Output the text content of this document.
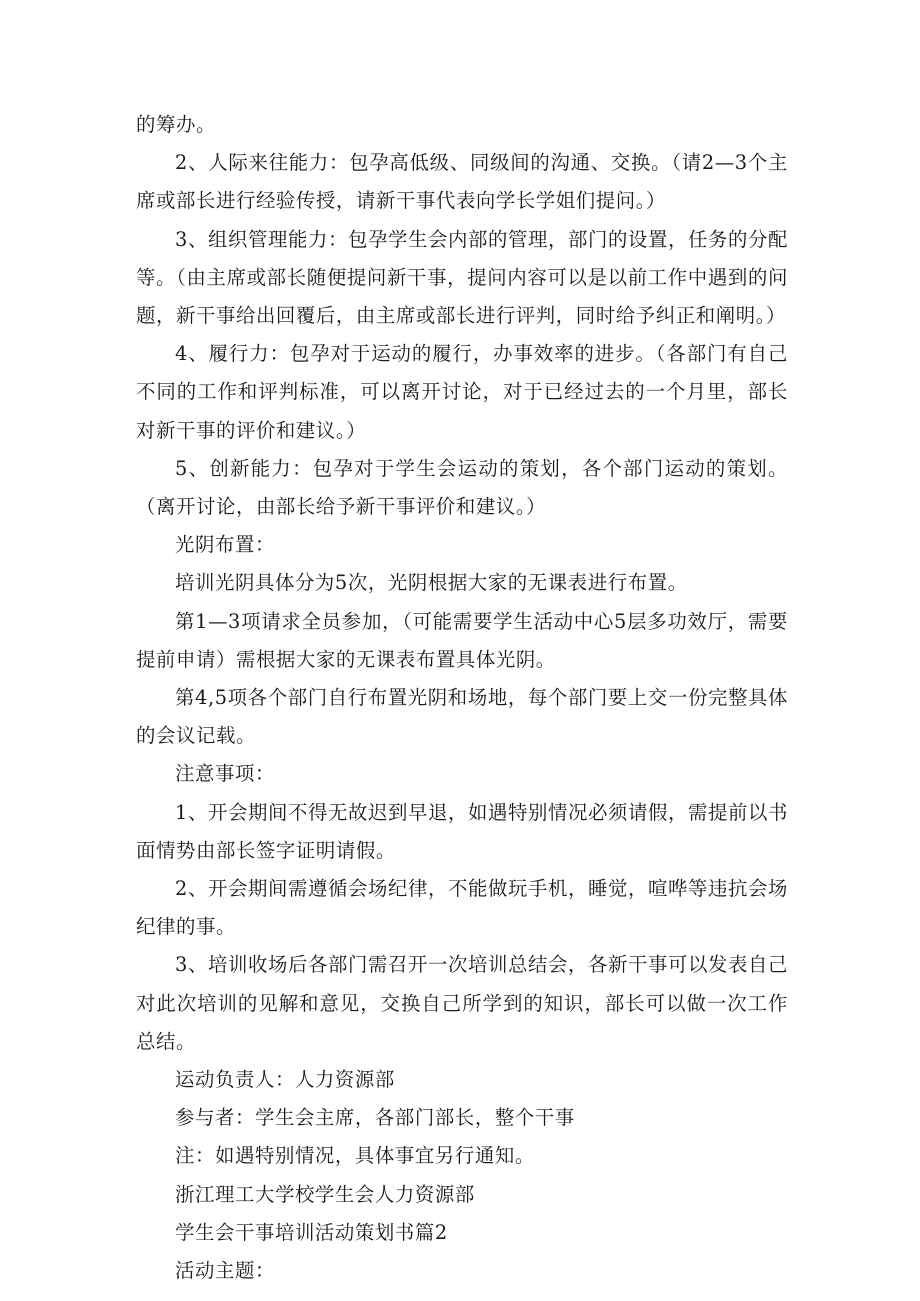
的筹办。

2、人际来往能力：包孕高低级、同级间的沟通、交换。（请2—3个主席或部长进行经验传授，请新干事代表向学长学姐们提问。）

3、组织管理能力：包孕学生会内部的管理，部门的设置，任务的分配等。（由主席或部长随便提问新干事，提问内容可以是以前工作中遇到的问题，新干事给出回覆后，由主席或部长进行评判，同时给予纠正和阐明。）

4、履行力：包孕对于运动的履行，办事效率的进步。（各部门有自己不同的工作和评判标准，可以离开讨论，对于已经过去的一个月里，部长对新干事的评价和建议。）

5、创新能力：包孕对于学生会运动的策划，各个部门运动的策划。（离开讨论，由部长给予新干事评价和建议。）

光阴布置：

培训光阴具体分为5次，光阴根据大家的无课表进行布置。

第1—3项请求全员参加，（可能需要学生活动中心5层多功效厅，需要提前申请）需根据大家的无课表布置具体光阴。

第4,5项各个部门自行布置光阴和场地，每个部门要上交一份完整具体的会议记载。

注意事项：

1、开会期间不得无故迟到早退，如遇特别情况必须请假，需提前以书面情势由部长签字证明请假。

2、开会期间需遵循会场纪律，不能做玩手机，睡觉，喧哗等违抗会场纪律的事。

3、培训收场后各部门需召开一次培训总结会，各新干事可以发表自己对此次培训的见解和意见，交换自己所学到的知识，部长可以做一次工作总结。

运动负责人：人力资源部

参与者：学生会主席，各部门部长，整个干事

注：如遇特别情况，具体事宜另行通知。

浙江理工大学校学生会人力资源部

学生会干事培训活动策划书篇2

活动主题：
